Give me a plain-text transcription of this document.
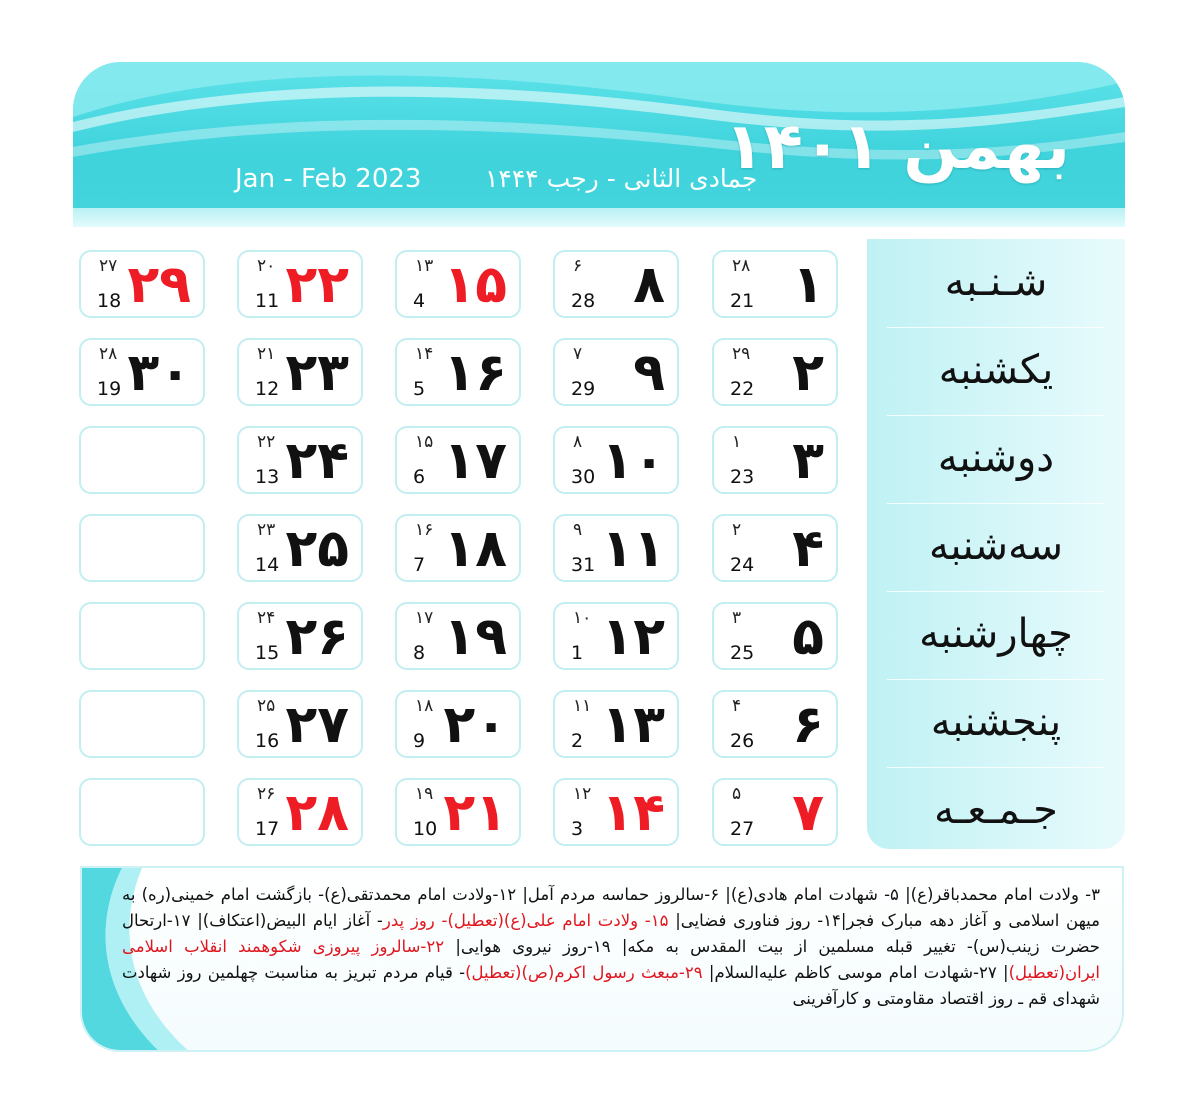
بهمن ۱۴۰۱
جمادی الثانی - رجب ۱۴۴۴
Jan - Feb 2023
شـنـبه
یکشنبه
دوشنبه
سه‌شنبه
چهارشنبه
پنجشنبه
جـمـعـه
۲۸
21 ۱
۲۹
22 ۲
۱
23 ۳
۲
24 ۴
۳
25 ۵
۴
26 ۶
۵
27 ۷
۶
28 ۸
۷
29 ۹
۸
30 ۱۰
۹
31 ۱۱
۱۰
1 ۱۲
۱۱
2 ۱۳
۱۲
3 ۱۴
۱۳
4 ۱۵
۱۴
5 ۱۶
۱۵
6 ۱۷
۱۶
7 ۱۸
۱۷
8 ۱۹
۱۸
9 ۲۰
۱۹
10 ۲۱
۲۰
11 ۲۲
۲۱
12 ۲۳
۲۲
13 ۲۴
۲۳
14 ۲۵
۲۴
15 ۲۶
۲۵
16 ۲۷
۲۶
17 ۲۸
۲۷
18 ۲۹
۲۸
19 ۳۰
۳- ولادت امام محمدباقر(ع)| ۵- شهادت امام هادی(ع)| ۶-سالروز حماسه مردم آمل| ۱۲-ولادت امام محمدتقی(ع)- بازگشت امام خمینی(ره) به میهن اسلامی و آغاز دهه مبارک فجر|۱۴- روز فناوری فضایی| ۱۵- ولادت امام علی(ع)(تعطیل)- روز پدر- آغاز ایام البیض(اعتکاف)| ۱۷-ارتحال حضرت زینب(س)- تغییر قبله مسلمین از بیت المقدس به مکه| ۱۹-روز نیروی هوایی| ۲۲-سالروز پیروزی شکوهمند انقلاب اسلامی ایران(تعطیل)| ۲۷-شهادت امام موسی کاظم علیه‌السلام| ۲۹-مبعث رسول اکرم(ص)(تعطیل)- قیام مردم تبریز به مناسبت چهلمین روز شهادت شهدای قم ـ روز اقتصاد مقاومتی و کارآفرینی
